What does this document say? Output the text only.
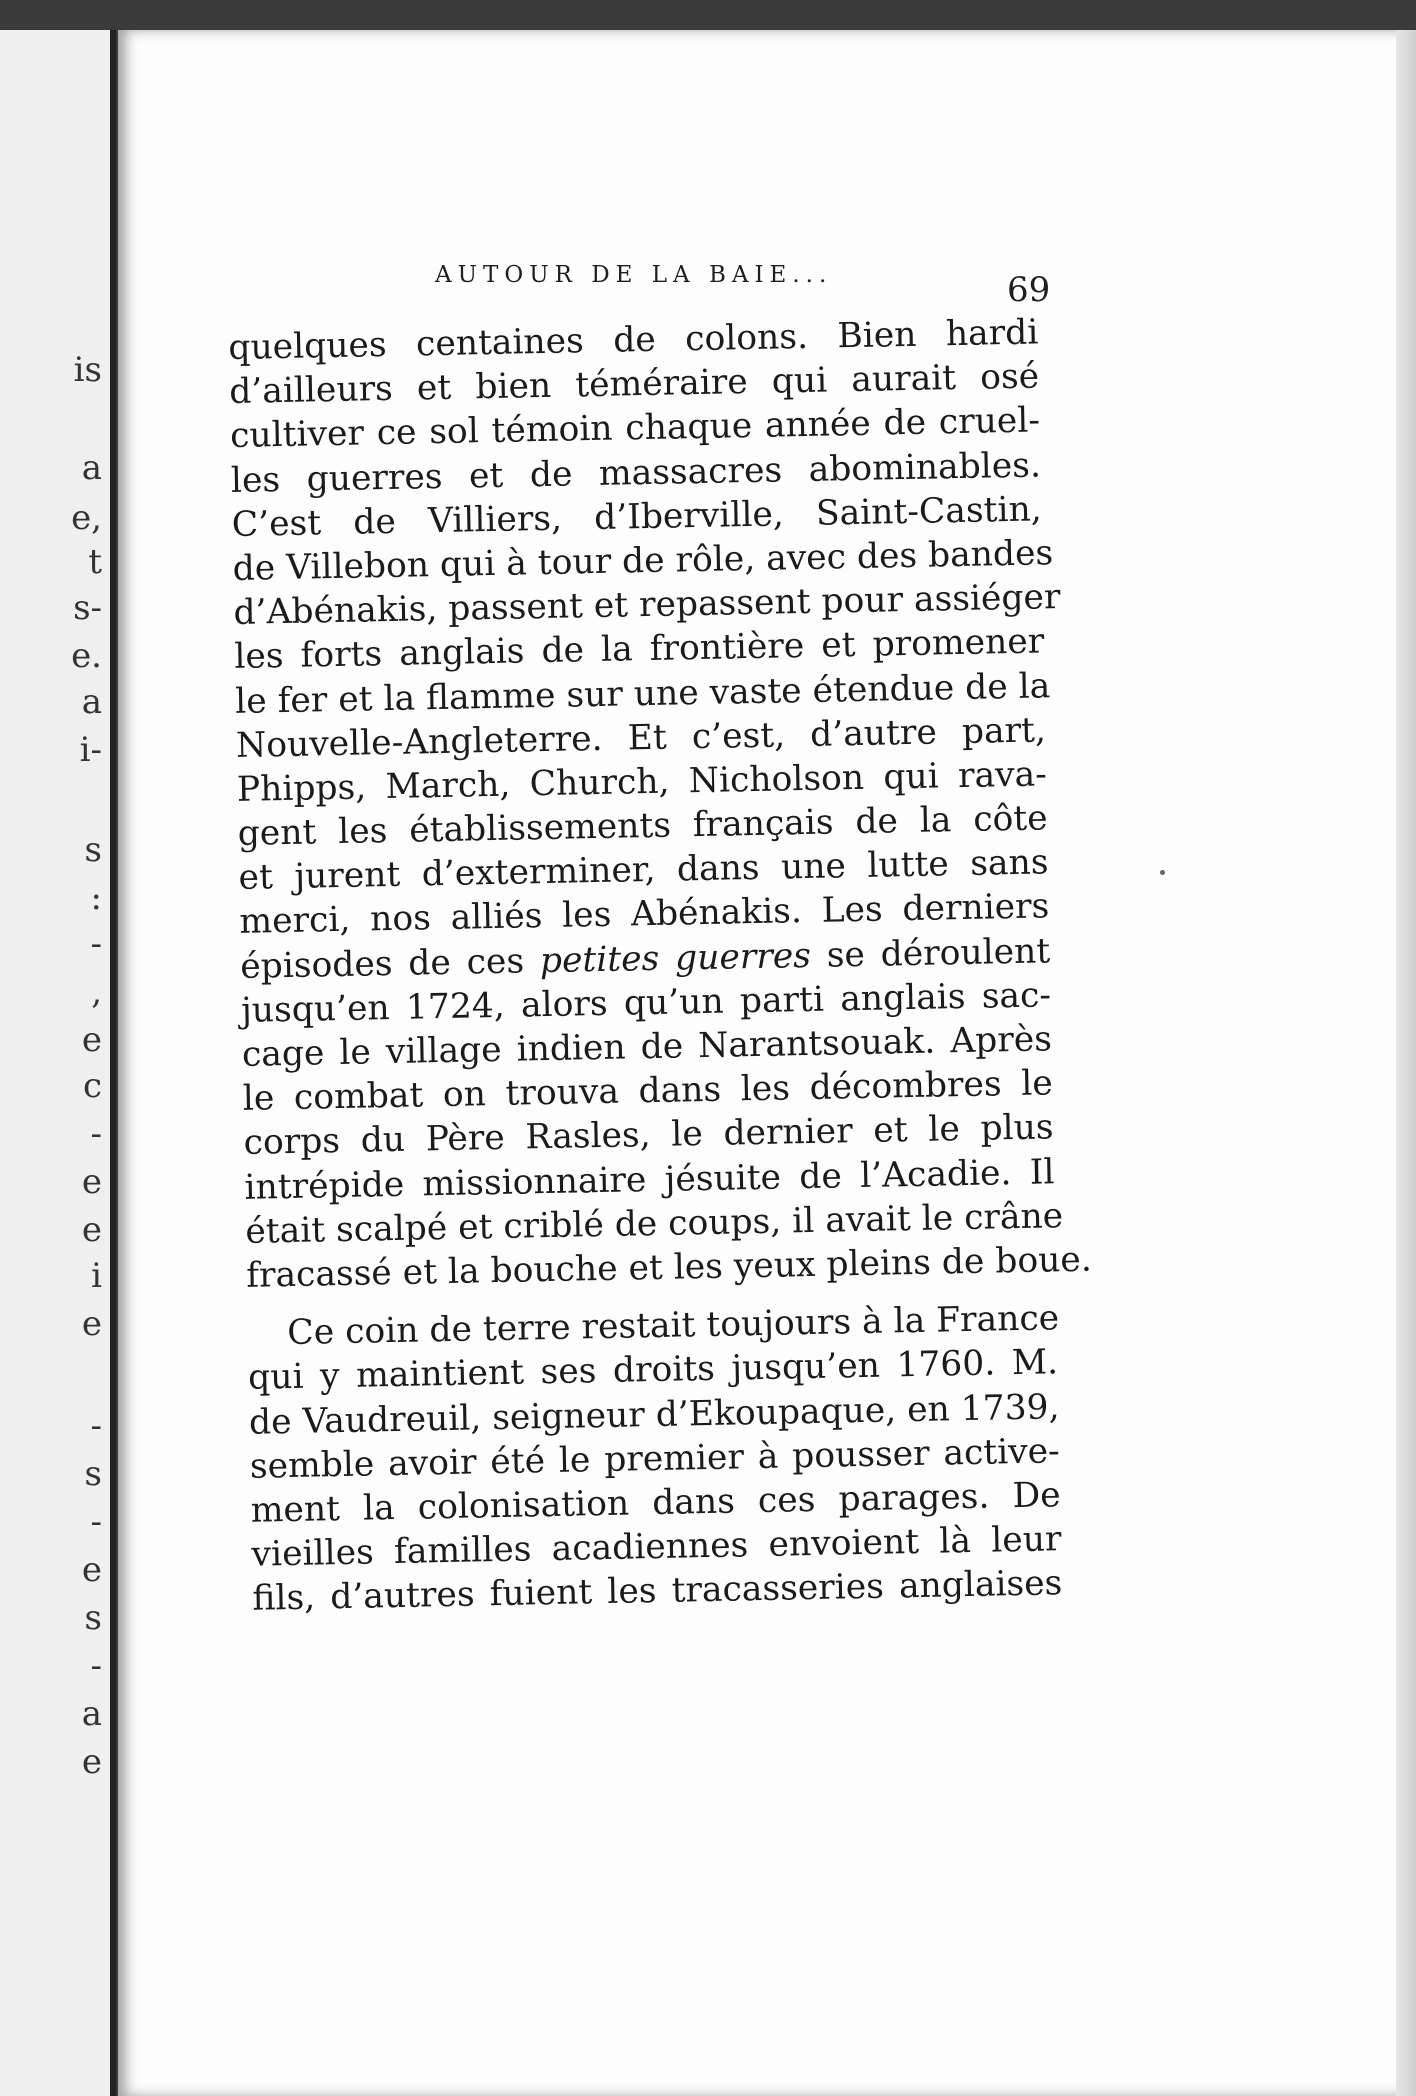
is
a
e,
t
s-
e.
a
i-
s
:
-
,
e
c
-
e
e
i
e
-
s
-
e
s
-
a
e
AUTOUR DE LA BAIE...	69
quelques centaines de colons. Bien hardi
d’ailleurs et bien téméraire qui aurait osé
cultiver ce sol témoin chaque année de cruel-
les guerres et de massacres abominables.
C’est de Villiers, d’Iberville, Saint-Castin,
de Villebon qui à tour de rôle, avec des bandes
d’Abénakis, passent et repassent pour assiéger
les forts anglais de la frontière et promener
le fer et la flamme sur une vaste étendue de la
Nouvelle-Angleterre. Et c’est, d’autre part,
Phipps, March, Church, Nicholson qui rava-
gent les établissements français de la côte
et jurent d’exterminer, dans une lutte sans
merci, nos alliés les Abénakis. Les derniers
épisodes de ces petites guerres se déroulent
jusqu’en 1724, alors qu’un parti anglais sac-
cage le village indien de Narantsouak. Après
le combat on trouva dans les décombres le
corps du Père Rasles, le dernier et le plus
intrépide missionnaire jésuite de l’Acadie. Il
était scalpé et criblé de coups, il avait le crâne
fracassé et la bouche et les yeux pleins de boue.
Ce coin de terre restait toujours à la France
qui y maintient ses droits jusqu’en 1760. M.
de Vaudreuil, seigneur d’Ekoupaque, en 1739,
semble avoir été le premier à pousser active-
ment la colonisation dans ces parages. De
vieilles familles acadiennes envoient là leur
fils, d’autres fuient les tracasseries anglaises
